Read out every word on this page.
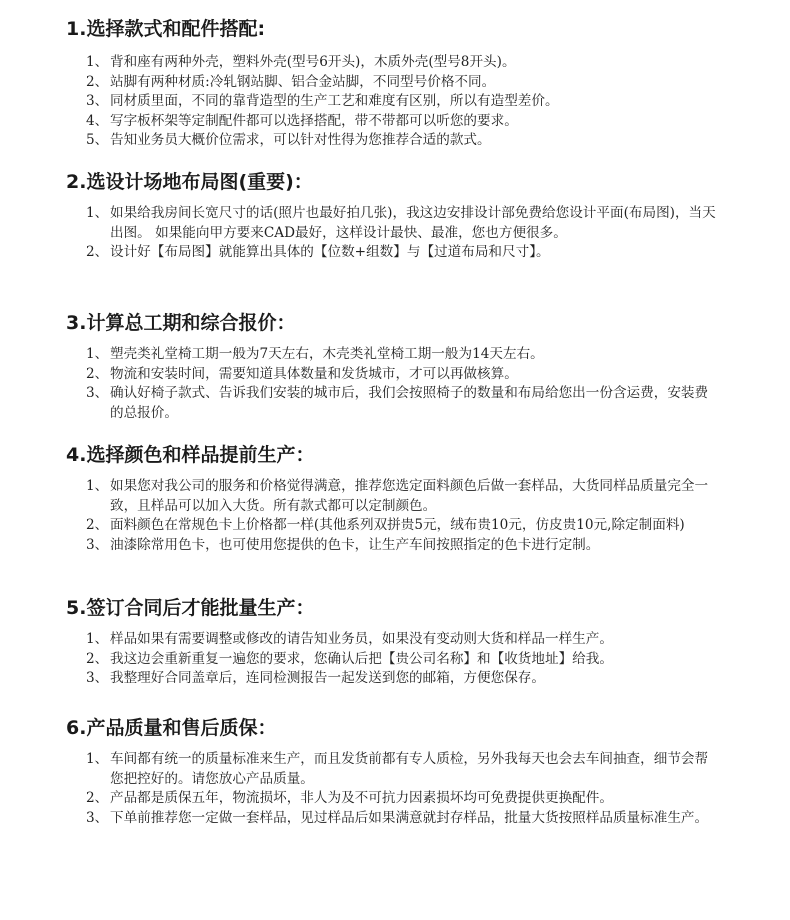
1.选择款式和配件搭配:
1、 背和座有两种外壳，塑料外壳(型号6开头)，木质外壳(型号8开头)。
2、 站脚有两种材质:冷轧钢站脚、铝合金站脚，不同型号价格不同。
3、 同材质里面，不同的靠背造型的生产工艺和难度有区别，所以有造型差价。
4、 写字板杯架等定制配件都可以选择搭配，带不带都可以听您的要求。
5、 告知业务员大概价位需求，可以针对性得为您推荐合适的款式。
2.选设计场地布局图(重要)：
1、 如果给我房间长宽尺寸的话(照片也最好拍几张)，我这边安排设计部免费给您设计平面(布局图)，当天出图。 如果能向甲方要来CAD最好，这样设计最快、最准，您也方便很多。
2、 设计好【布局图】就能算出具体的【位数+组数】与【过道布局和尺寸】。
3.计算总工期和综合报价：
1、 塑壳类礼堂椅工期一般为7天左右，木壳类礼堂椅工期一般为14天左右。
2、 物流和安装时间，需要知道具体数量和发货城市，才可以再做核算。
3、 确认好椅子款式、告诉我们安装的城市后，我们会按照椅子的数量和布局给您出一份含运费，安装费的总报价。
4.选择颜色和样品提前生产：
1、 如果您对我公司的服务和价格觉得满意，推荐您选定面料颜色后做一套样品，大货同样品质量完全一致，且样品可以加入大货。所有款式都可以定制颜色。
2、 面料颜色在常规色卡上价格都一样(其他系列双拼贵5元，绒布贵10元，仿皮贵10元,除定制面料)
3、 油漆除常用色卡，也可使用您提供的色卡，让生产车间按照指定的色卡进行定制。
5.签订合同后才能批量生产：
1、 样品如果有需要调整或修改的请告知业务员，如果没有变动则大货和样品一样生产。
2、 我这边会重新重复一遍您的要求，您确认后把【贵公司名称】和【收货地址】给我。
3、 我整理好合同盖章后，连同检测报告一起发送到您的邮箱，方便您保存。
6.产品质量和售后质保：
1、 车间都有统一的质量标准来生产，而且发货前都有专人质检，另外我每天也会去车间抽查，细节会帮您把控好的。请您放心产品质量。
2、 产品都是质保五年，物流损坏，非人为及不可抗力因素损坏均可免费提供更换配件。
3、 下单前推荐您一定做一套样品，见过样品后如果满意就封存样品，批量大货按照样品质量标准生产。
